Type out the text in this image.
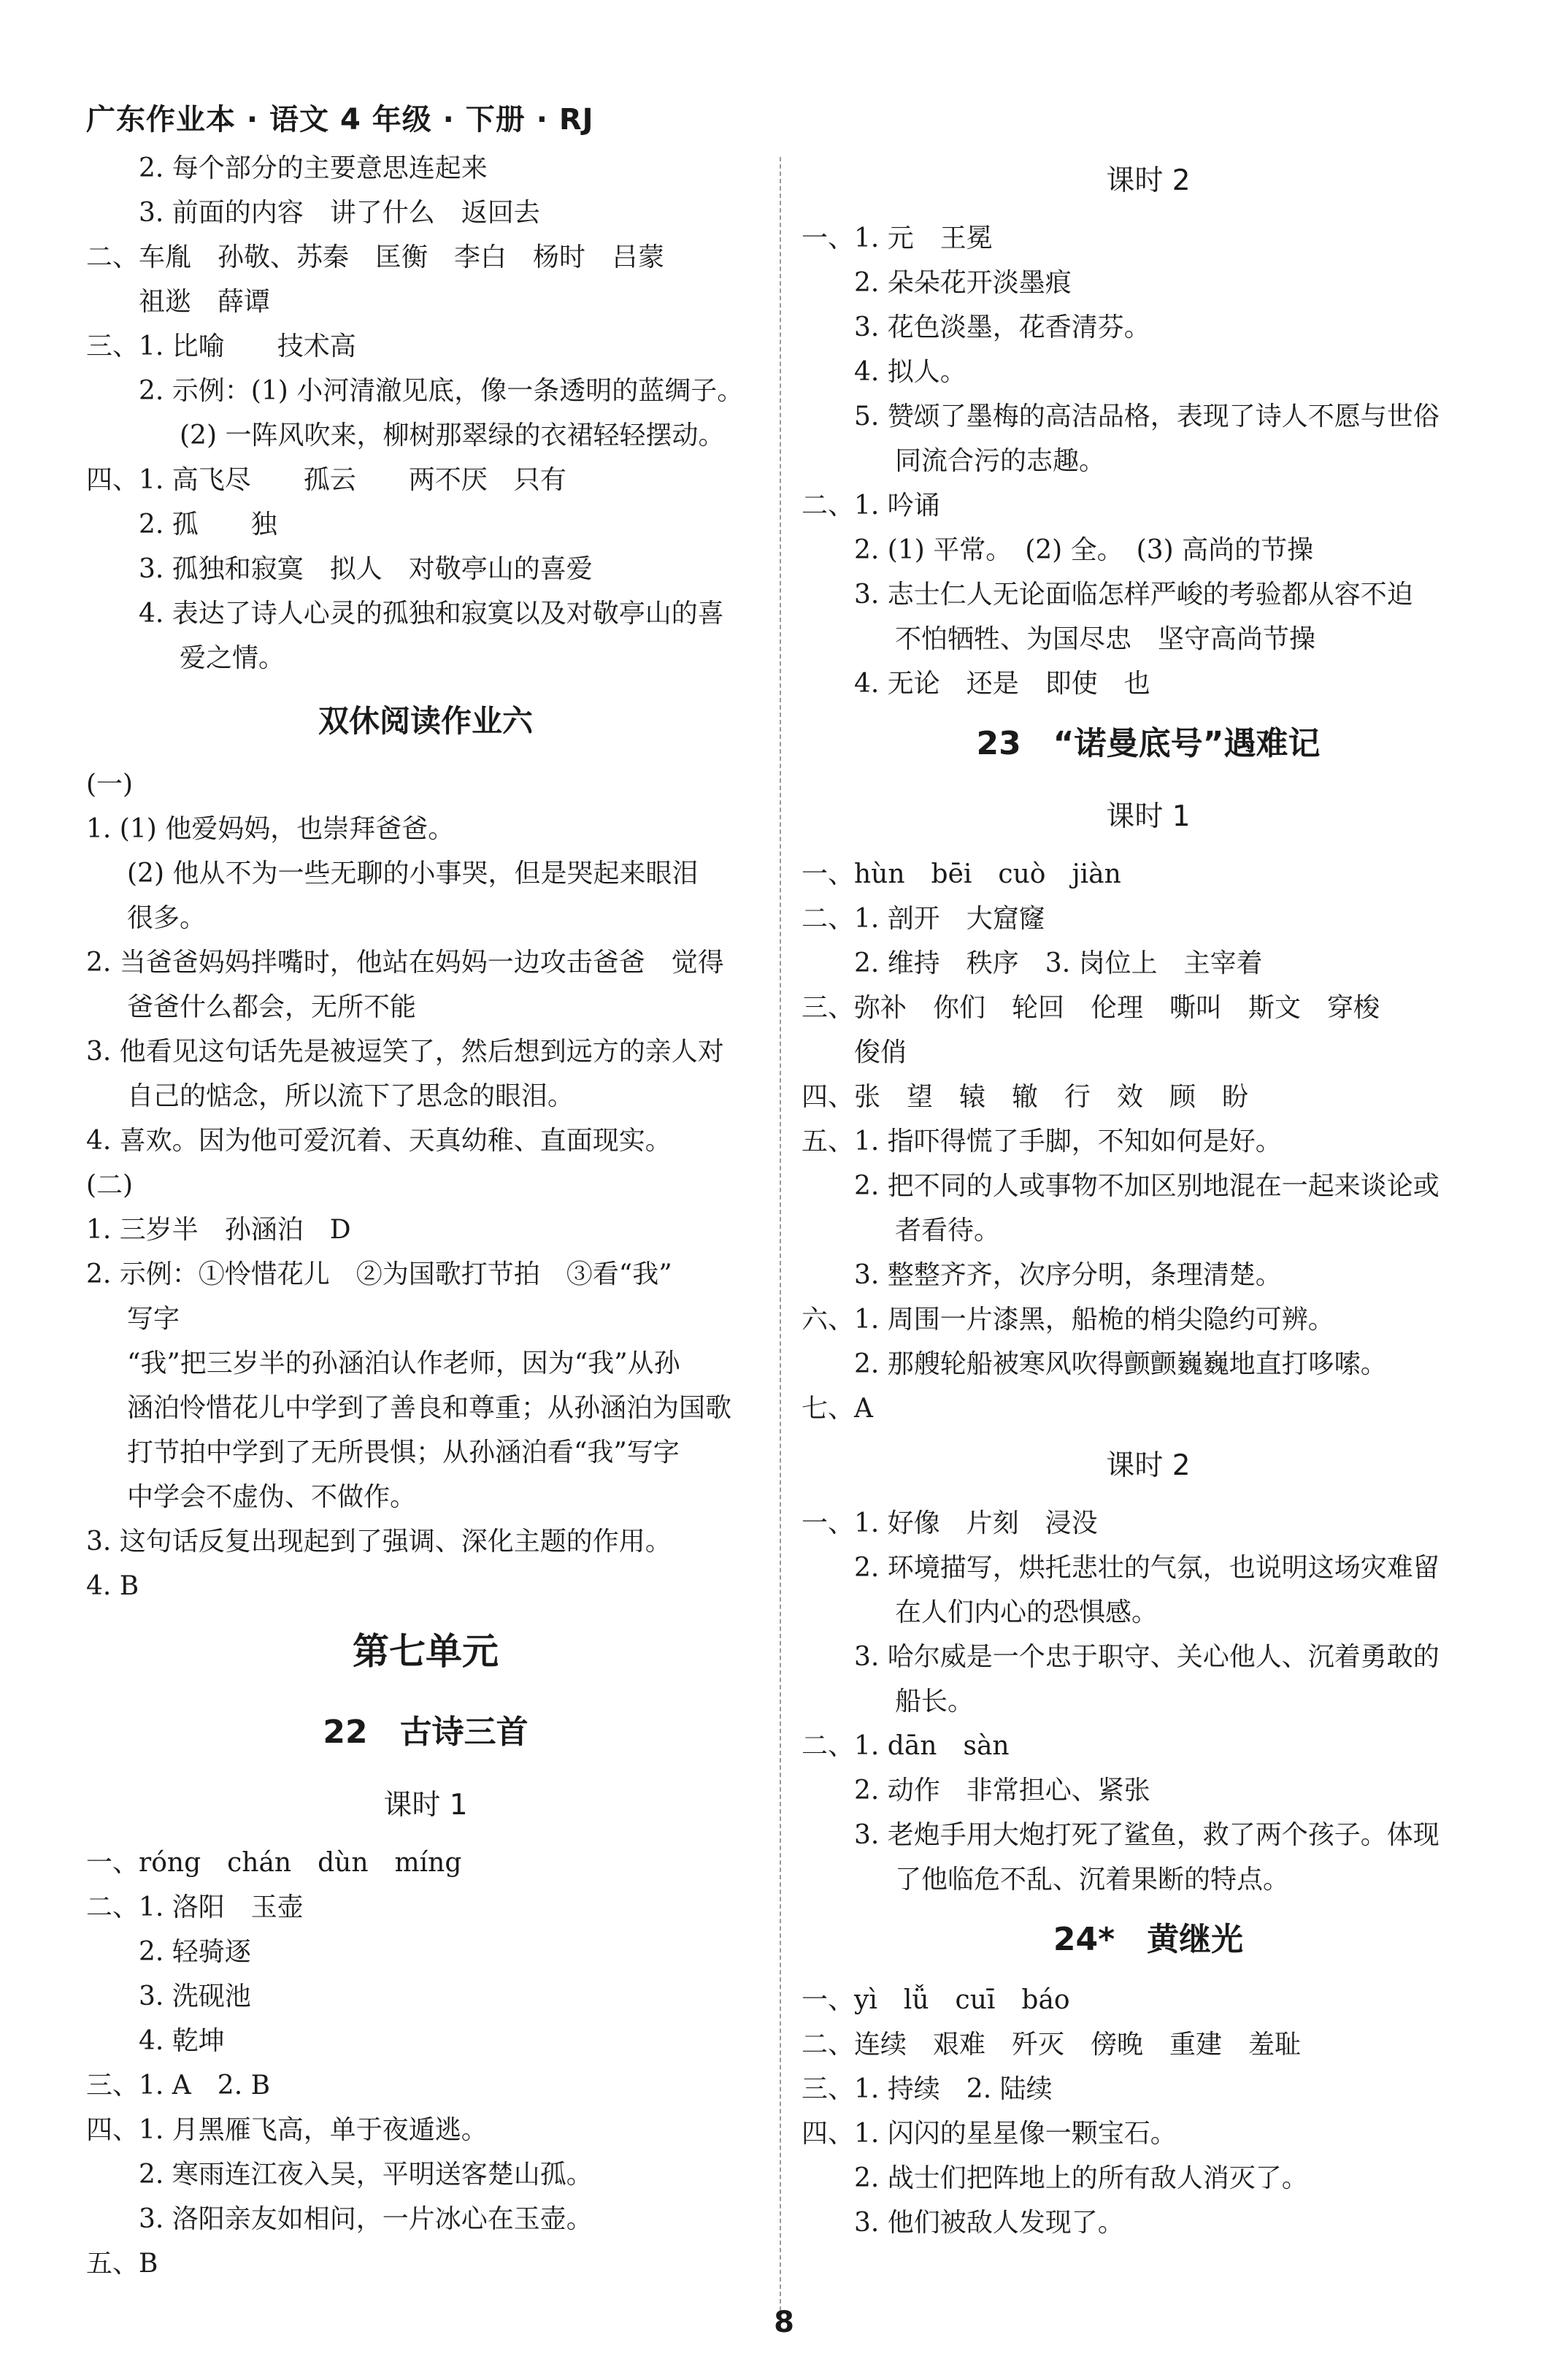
广东作业本 · 语文 4 年级 · 下册 · RJ
2. 每个部分的主要意思连起来
3. 前面的内容　讲了什么　返回去
二、车胤　孙敬、苏秦　匡衡　李白　杨时　吕蒙
祖逖　薛谭
三、1. 比喻　　技术高
2. 示例：(1) 小河清澈见底，像一条透明的蓝绸子。
(2) 一阵风吹来，柳树那翠绿的衣裙轻轻摆动。
四、1. 高飞尽　　孤云　　两不厌　只有
2. 孤　　独
3. 孤独和寂寞　拟人　对敬亭山的喜爱
4. 表达了诗人心灵的孤独和寂寞以及对敬亭山的喜
爱之情。
双休阅读作业六
(一)
1. (1) 他爱妈妈，也崇拜爸爸。
(2) 他从不为一些无聊的小事哭，但是哭起来眼泪
很多。
2. 当爸爸妈妈拌嘴时，他站在妈妈一边攻击爸爸　觉得
爸爸什么都会，无所不能
3. 他看见这句话先是被逗笑了，然后想到远方的亲人对
自己的惦念，所以流下了思念的眼泪。
4. 喜欢。因为他可爱沉着、天真幼稚、直面现实。
(二)
1. 三岁半　孙涵泊　D
2. 示例：①怜惜花儿　②为国歌打节拍　③看“我”
写字
“我”把三岁半的孙涵泊认作老师，因为“我”从孙
涵泊怜惜花儿中学到了善良和尊重；从孙涵泊为国歌
打节拍中学到了无所畏惧；从孙涵泊看“我”写字
中学会不虚伪、不做作。
3. 这句话反复出现起到了强调、深化主题的作用。
4. B
第七单元
22　古诗三首
课时 1
一、róng　chán　dùn　míng
二、1. 洛阳　玉壶
2. 轻骑逐
3. 洗砚池
4. 乾坤
三、1. A　2. B
四、1. 月黑雁飞高，单于夜遁逃。
2. 寒雨连江夜入吴，平明送客楚山孤。
3. 洛阳亲友如相问，一片冰心在玉壶。
五、B
课时 2
一、1. 元　王冕
2. 朵朵花开淡墨痕
3. 花色淡墨，花香清芬。
4. 拟人。
5. 赞颂了墨梅的高洁品格，表现了诗人不愿与世俗
同流合污的志趣。
二、1. 吟诵
2. (1) 平常。　(2) 全。　(3) 高尚的节操
3. 志士仁人无论面临怎样严峻的考验都从容不迫
不怕牺牲、为国尽忠　坚守高尚节操
4. 无论　还是　即使　也
23　“诺曼底号”遇难记
课时 1
一、hùn　bēi　cuò　jiàn
二、1. 剖开　大窟窿
2. 维持　秩序　3. 岗位上　主宰着
三、弥补　你们　轮回　伦理　嘶叫　斯文　穿梭
俊俏
四、张　望　辕　辙　行　效　顾　盼
五、1. 指吓得慌了手脚，不知如何是好。
2. 把不同的人或事物不加区别地混在一起来谈论或
者看待。
3. 整整齐齐，次序分明，条理清楚。
六、1. 周围一片漆黑，船桅的梢尖隐约可辨。
2. 那艘轮船被寒风吹得颤颤巍巍地直打哆嗦。
七、A
课时 2
一、1. 好像　片刻　浸没
2. 环境描写，烘托悲壮的气氛，也说明这场灾难留
在人们内心的恐惧感。
3. 哈尔威是一个忠于职守、关心他人、沉着勇敢的
船长。
二、1. dān　sàn
2. 动作　非常担心、紧张
3. 老炮手用大炮打死了鲨鱼，救了两个孩子。体现
了他临危不乱、沉着果断的特点。
24*　黄继光
一、yì　lǚ　cuī　báo
二、连续　艰难　歼灭　傍晚　重建　羞耻
三、1. 持续　2. 陆续
四、1. 闪闪的星星像一颗宝石。
2. 战士们把阵地上的所有敌人消灭了。
3. 他们被敌人发现了。
8
